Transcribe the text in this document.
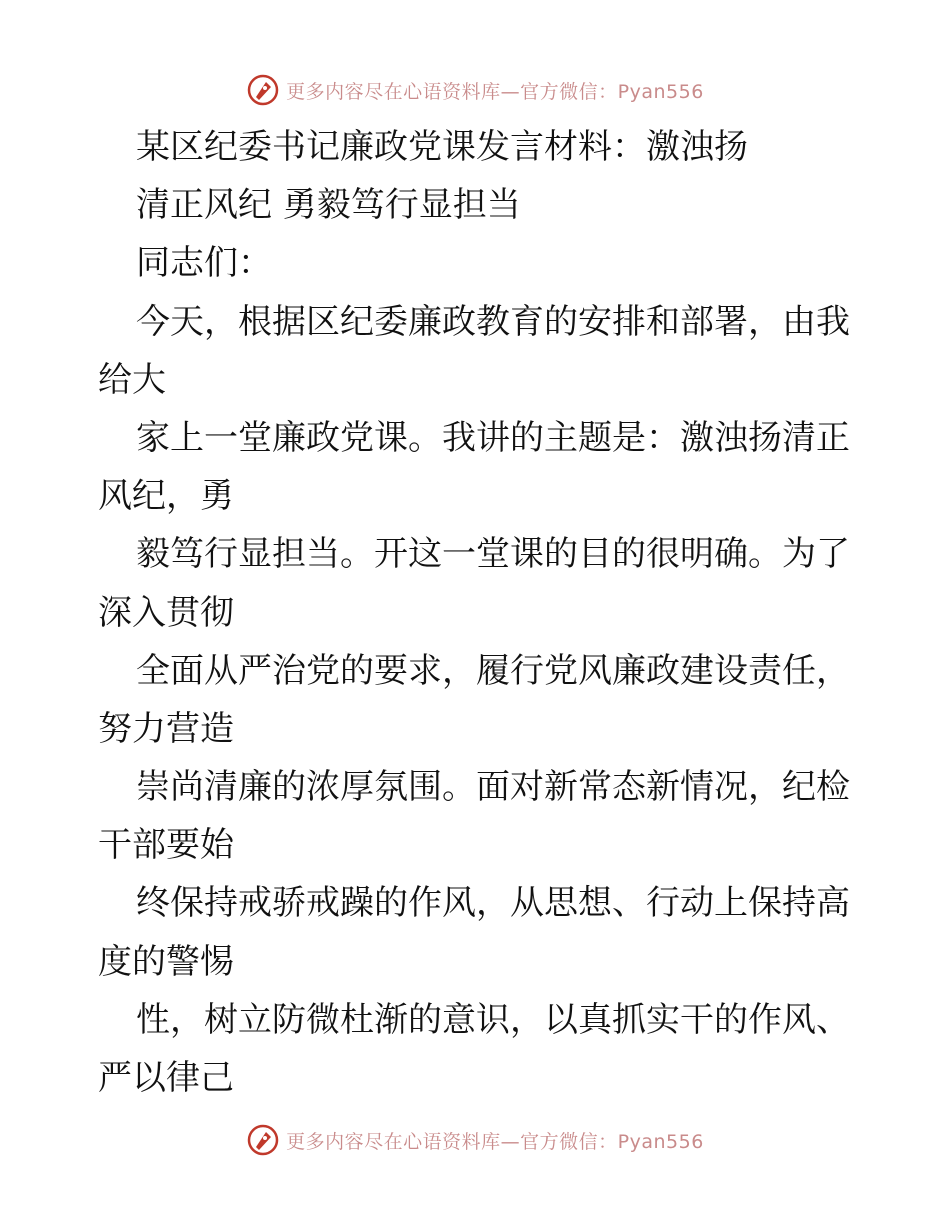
更多内容尽在心语资料库—官方微信：Pyan556
某区纪委书记廉政党课发言材料：激浊扬
清正风纪 勇毅笃行显担当
同志们：
今天，根据区纪委廉政教育的安排和部署，由我
给大
家上一堂廉政党课。我讲的主题是：激浊扬清正
风纪，勇
毅笃行显担当。开这一堂课的目的很明确。为了
深入贯彻
全面从严治党的要求，履行党风廉政建设责任，
努力营造
崇尚清廉的浓厚氛围。面对新常态新情况，纪检
干部要始
终保持戒骄戒躁的作风，从思想、行动上保持高
度的警惕
性，树立防微杜渐的意识，以真抓实干的作风、
严以律己
更多内容尽在心语资料库—官方微信：Pyan556
